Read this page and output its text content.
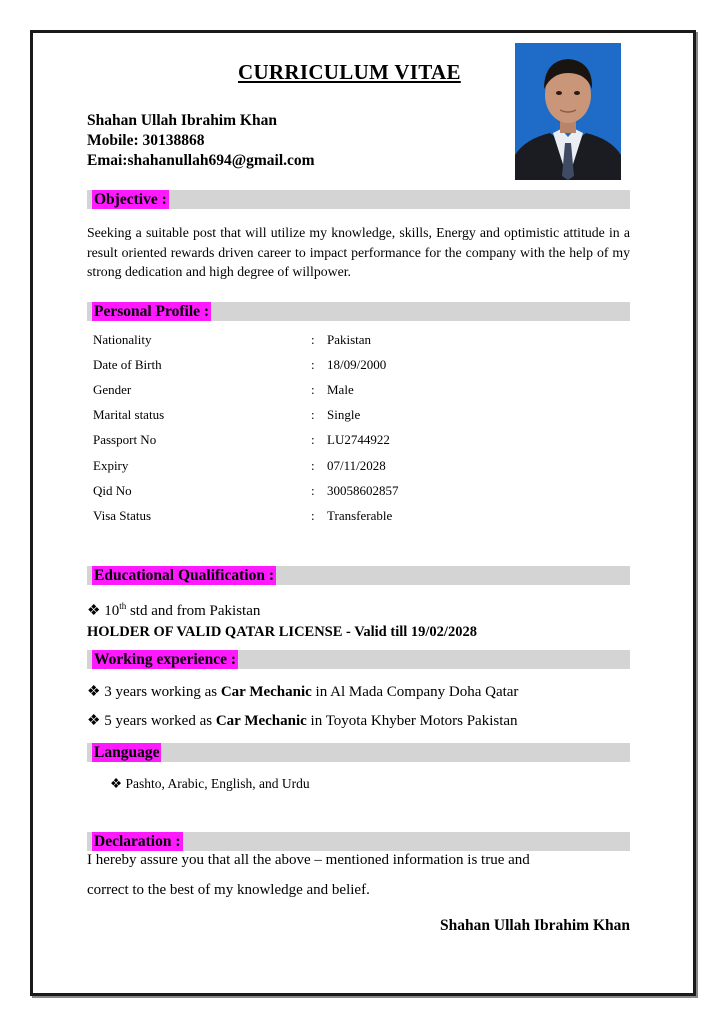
CURRICULUM VITAE
Shahan Ullah Ibrahim Khan
Mobile: 30138868
Emai:shahanullah694@gmail.com
Objective :
Seeking a suitable post that will utilize my knowledge, skills, Energy and optimistic attitude in a result oriented rewards driven career to impact performance for the company with the help of my strong dedication and high degree of willpower.
Personal Profile :
Nationality	: Pakistan
Date of Birth	: 18/09/2000
Gender	: Male
Marital status	: Single
Passport No	: LU2744922
Expiry	: 07/11/2028
Qid No	: 30058602857
Visa Status	: Transferable
Educational Qualification :
❖ 10th std and from Pakistan
HOLDER OF VALID QATAR LICENSE - Valid till 19/02/2028
Working experience :
❖ 3 years working as Car Mechanic in Al Mada Company Doha Qatar
❖ 5 years worked as Car Mechanic in Toyota Khyber Motors Pakistan
Language
❖ Pashto, Arabic, English, and Urdu
Declaration :
I hereby assure you that all the above – mentioned information is true and
correct to the best of my knowledge and belief.
Shahan Ullah Ibrahim Khan
